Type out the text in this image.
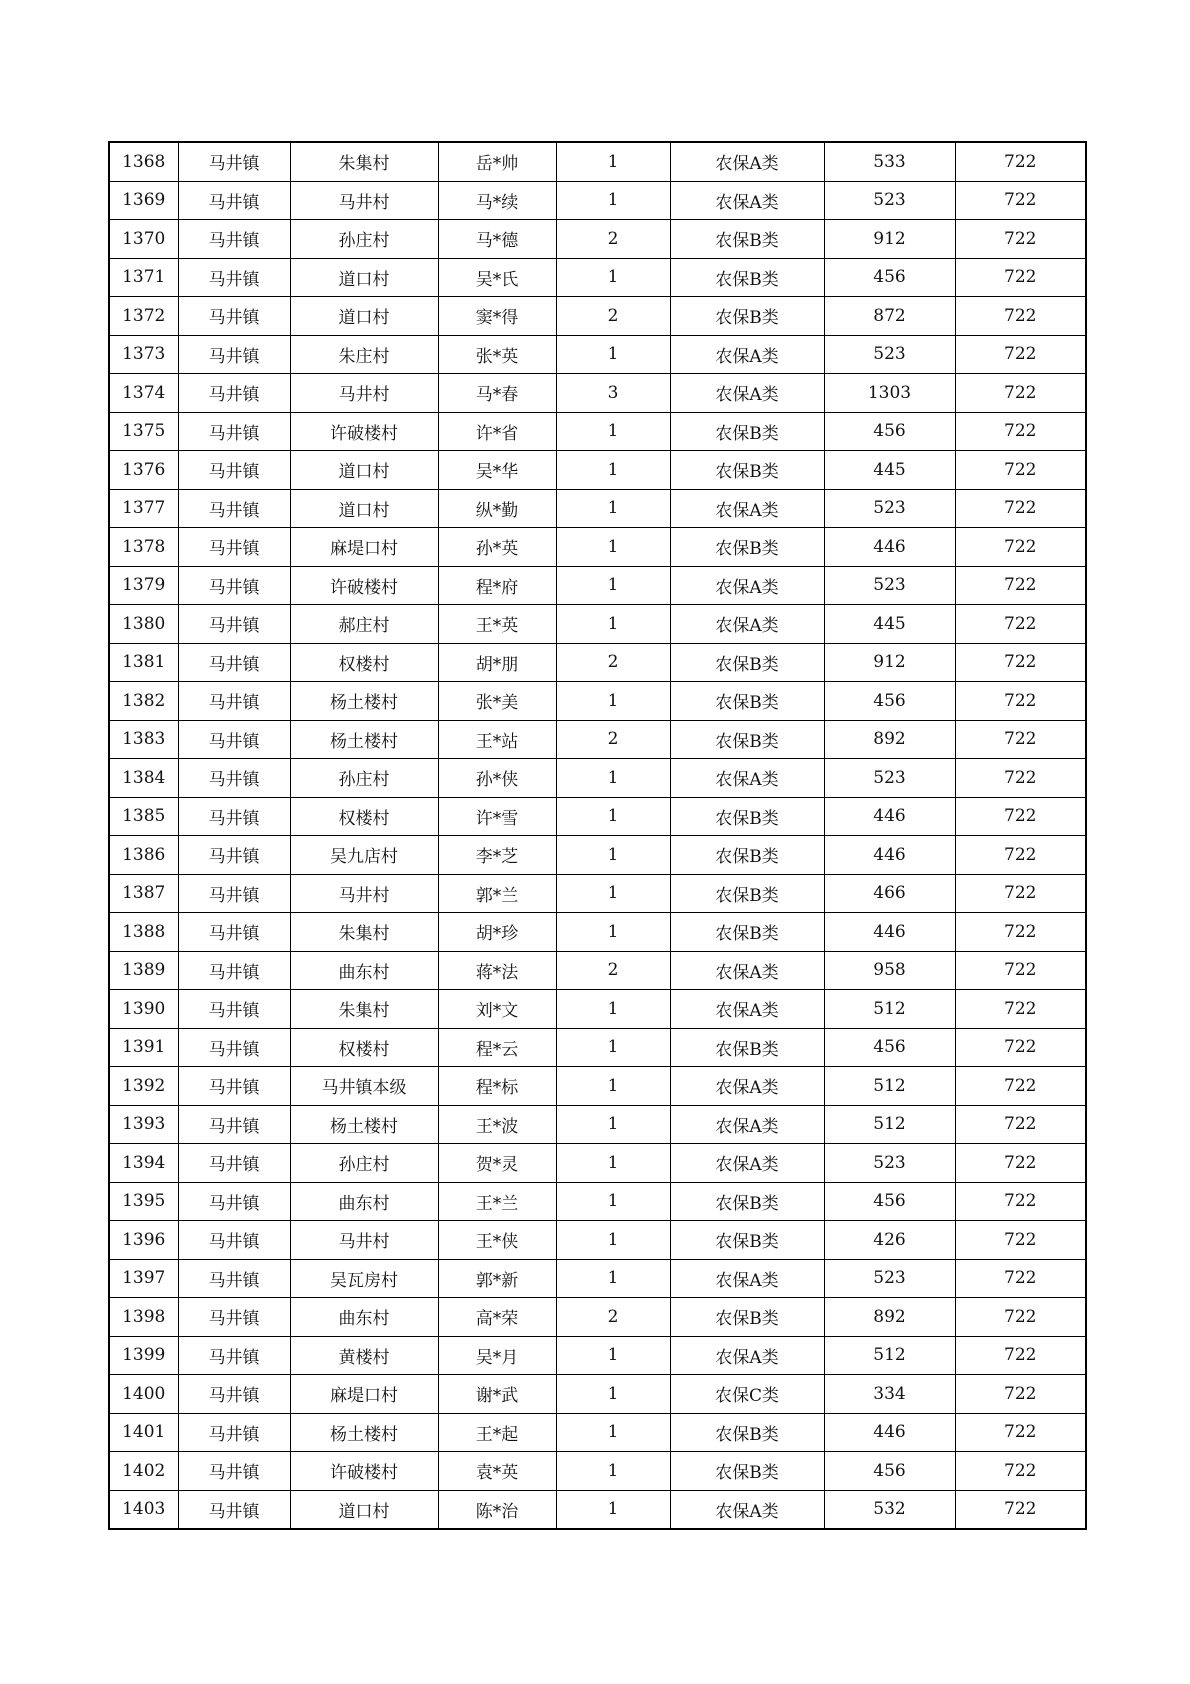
1368	马井镇	朱集村	岳*帅	1	农保A类	533	722
1369	马井镇	马井村	马*续	1	农保A类	523	722
1370	马井镇	孙庄村	马*德	2	农保B类	912	722
1371	马井镇	道口村	吴*氏	1	农保B类	456	722
1372	马井镇	道口村	窦*得	2	农保B类	872	722
1373	马井镇	朱庄村	张*英	1	农保A类	523	722
1374	马井镇	马井村	马*春	3	农保A类	1303	722
1375	马井镇	许破楼村	许*省	1	农保B类	456	722
1376	马井镇	道口村	吴*华	1	农保B类	445	722
1377	马井镇	道口村	纵*勤	1	农保A类	523	722
1378	马井镇	麻堤口村	孙*英	1	农保B类	446	722
1379	马井镇	许破楼村	程*府	1	农保A类	523	722
1380	马井镇	郝庄村	王*英	1	农保A类	445	722
1381	马井镇	权楼村	胡*朋	2	农保B类	912	722
1382	马井镇	杨土楼村	张*美	1	农保B类	456	722
1383	马井镇	杨土楼村	王*站	2	农保B类	892	722
1384	马井镇	孙庄村	孙*侠	1	农保A类	523	722
1385	马井镇	权楼村	许*雪	1	农保B类	446	722
1386	马井镇	吴九店村	李*芝	1	农保B类	446	722
1387	马井镇	马井村	郭*兰	1	农保B类	466	722
1388	马井镇	朱集村	胡*珍	1	农保B类	446	722
1389	马井镇	曲东村	蒋*法	2	农保A类	958	722
1390	马井镇	朱集村	刘*文	1	农保A类	512	722
1391	马井镇	权楼村	程*云	1	农保B类	456	722
1392	马井镇	马井镇本级	程*标	1	农保A类	512	722
1393	马井镇	杨土楼村	王*波	1	农保A类	512	722
1394	马井镇	孙庄村	贺*灵	1	农保A类	523	722
1395	马井镇	曲东村	王*兰	1	农保B类	456	722
1396	马井镇	马井村	王*侠	1	农保B类	426	722
1397	马井镇	吴瓦房村	郭*新	1	农保A类	523	722
1398	马井镇	曲东村	高*荣	2	农保B类	892	722
1399	马井镇	黄楼村	吴*月	1	农保A类	512	722
1400	马井镇	麻堤口村	谢*武	1	农保C类	334	722
1401	马井镇	杨土楼村	王*起	1	农保B类	446	722
1402	马井镇	许破楼村	袁*英	1	农保B类	456	722
1403	马井镇	道口村	陈*治	1	农保A类	532	722
